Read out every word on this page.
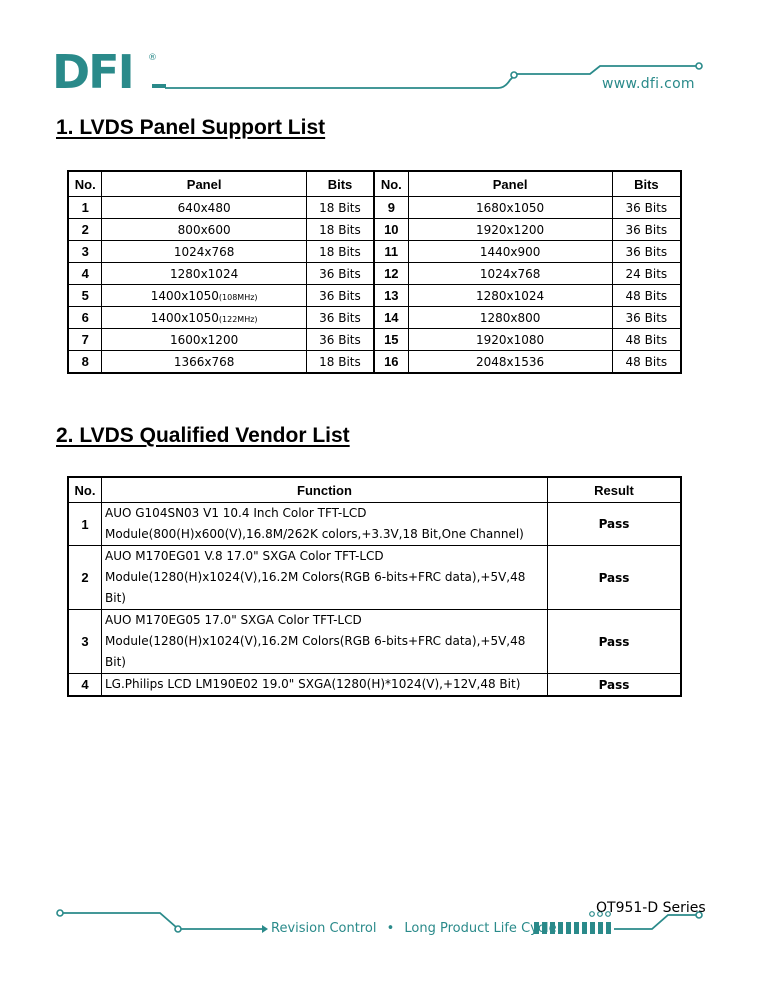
DFI ®
www.dfi.com
1. LVDS Panel Support List
No.	Panel	Bits	No.	Panel	Bits
1	640x480	18 Bits	9	1680x1050	36 Bits
2	800x600	18 Bits	10	1920x1200	36 Bits
3	1024x768	18 Bits	11	1440x900	36 Bits
4	1280x1024	36 Bits	12	1024x768	24 Bits
5	1400x1050(108MHz)	36 Bits	13	1280x1024	48 Bits
6	1400x1050(122MHz)	36 Bits	14	1280x800	36 Bits
7	1600x1200	36 Bits	15	1920x1080	48 Bits
8	1366x768	18 Bits	16	2048x1536	48 Bits
2. LVDS Qualified Vendor List
No.	Function	Result
1	AUO G104SN03 V1 10.4 Inch Color TFT-LCD
Module(800(H)x600(V),16.8M/262K colors,+3.3V,18 Bit,One Channel)	Pass
2	AUO M170EG01 V.8 17.0" SXGA Color TFT-LCD
Module(1280(H)x1024(V),16.2M Colors(RGB 6-bits+FRC data),+5V,48
Bit)	Pass
3	AUO M170EG05 17.0" SXGA Color TFT-LCD
Module(1280(H)x1024(V),16.2M Colors(RGB 6-bits+FRC data),+5V,48
Bit)	Pass
4	LG.Philips LCD LM190E02 19.0" SXGA(1280(H)*1024(V),+12V,48 Bit)	Pass
OT951-D Series
Revision Control • Long Product Life Cycle
